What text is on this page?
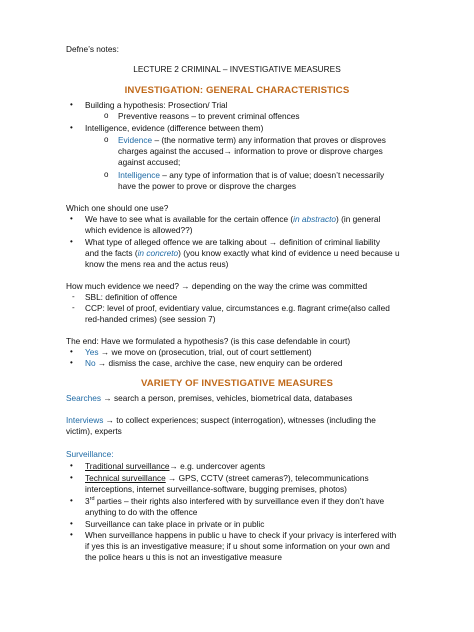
Defne’s notes:
LECTURE 2 CRIMINAL – INVESTIGATIVE MEASURES
INVESTIGATION: GENERAL CHARACTERISTICS
• Building a hypothesis: Prosection/ Trial
o Preventive reasons – to prevent criminal offences
• Intelligence, evidence (difference between them)
o Evidence – (the normative term) any information that proves or disproves
charges against the accused→ information to prove or disprove charges
against accused;
o Intelligence – any type of information that is of value; doesn’t necessarily
have the power to prove or disprove the charges
Which one should one use?
• We have to see what is available for the certain offence (in abstracto) (in general
which evidence is allowed??)
• What type of alleged offence we are talking about → definition of criminal liability
and the facts (in concreto) (you know exactly what kind of evidence u need because u
know the mens rea and the actus reus)
How much evidence we need? → depending on the way the crime was committed
- SBL: definition of offence
- CCP: level of proof, evidentiary value, circumstances e.g. flagrant crime(also called
red-handed crimes) (see session 7)
The end: Have we formulated a hypothesis? (is this case defendable in court)
• Yes → we move on (prosecution, trial, out of court settlement)
• No → dismiss the case, archive the case, new enquiry can be ordered
VARIETY OF INVESTIGATIVE MEASURES
Searches → search a person, premises, vehicles, biometrical data, databases
Interviews → to collect experiences; suspect (interrogation), witnesses (including the
victim), experts
Surveillance:
• Traditional surveillance→ e.g. undercover agents
• Technical surveillance → GPS, CCTV (street cameras?), telecommunications
interceptions, internet surveillance-software, bugging premises, photos)
• 3rd parties – their rights also interfered with by surveillance even if they don’t have
anything to do with the offence
• Surveillance can take place in private or in public
• When surveillance happens in public u have to check if your privacy is interfered with
if yes this is an investigative measure; if u shout some information on your own and
the police hears u this is not an investigative measure
